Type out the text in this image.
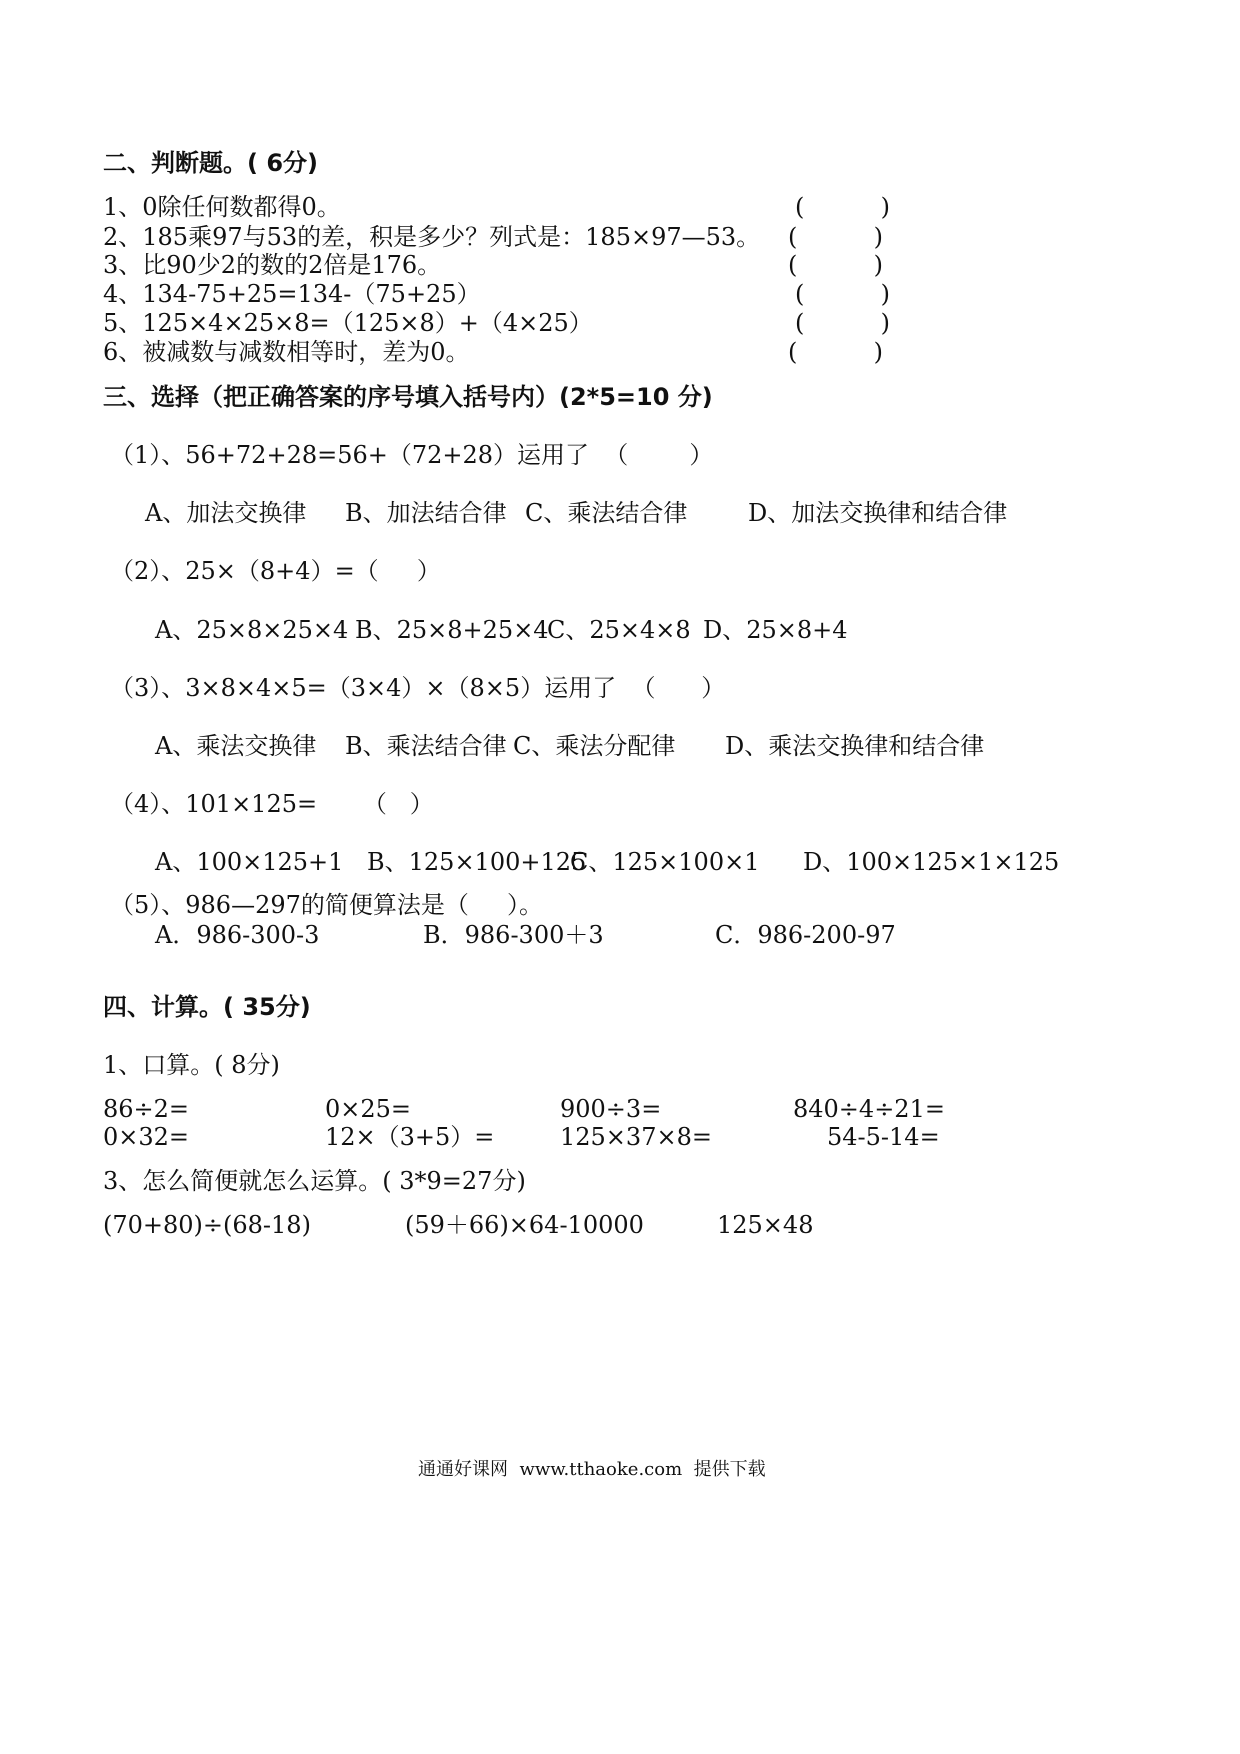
二、判断题。( 6分)
1、0除任何数都得0。	(          )
2、185乘97与53的差，积是多少？列式是：185×97—53。 (          )
3、比90少2的数的2倍是176。	(          )
4、134-75+25=134-（75+25）	(          )
5、125×4×25×8=（125×8）+（4×25）	(          )
6、被减数与减数相等时，差为0。	(          )
三、选择（把正确答案的序号填入括号内）(2*5=10 分)
（1）、56+72+28=56+（72+28）运用了  （        ）
A、加法交换律 B、加法结合律 C、乘法结合律	D、加法交换律和结合律
（2）、25×（8+4）=（     ）
A、25×8×25×4 B、25×8+25×4
C、25×4×8 D、25×8+4
（3）、3×8×4×5=（3×4）×（8×5）运用了  （      ）
A、乘法交换律 B、乘法结合律 C、乘法分配律 D、乘法交换律和结合律
（4）、101×125=      （   ）
A、100×125+1 B、125×100+125
C、125×100×1 D、100×125×1×125
（5）、986—297的简便算法是（     ）。
A．986-300-3	B．986-300＋3	C．986-200-97
四、计算。( 35分)
1、口算。( 8分)
86÷2=	0×25=	900÷3=	840÷4÷21=
0×32=	12×（3+5）=	125×37×8=	54-5-14=
3、怎么简便就怎么运算。( 3*9=27分)
(70+80)÷(68-18)	(59＋66)×64-10000	125×48
通通好课网  www.tthaoke.com  提供下载
